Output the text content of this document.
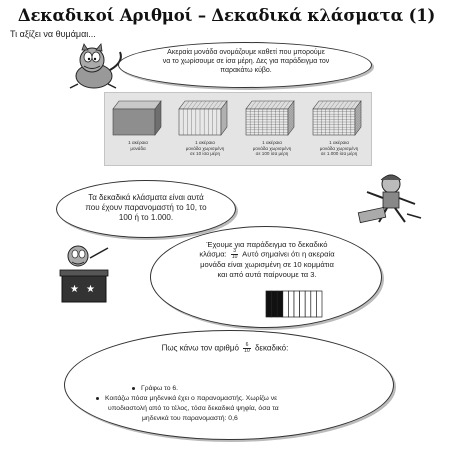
Δεκαδικοί Αριθμοί – Δεκαδικά κλάσματα (1)
Τι αξίζει να θυμάμαι...
Ακεραία μονάδα ονομάζουμε καθετί που μπορούμε
να το χωρίσουμε σε ίσα μέρη. Δες για παράδειγμα τον
παρακάτω κύβο.
1 ακέραια
μονάδα
1 ακέραια
μονάδα χωρισμένη
σε 10 ίσα μέρη
1 ακέραια
μονάδα χωρισμένη
σε 100 ίσα μέρη
1 ακέραια
μονάδα χωρισμένη
σε 1.000 ίσα μέρη
Τα δεκαδικά κλάσματα είναι αυτά
που έχουν παρανομαστή το 10, το
100 ή το 1.000.
Έχουμε για παράδειγμα το δεκαδικό
κλάσμα: $\frac{3}{10}$ Αυτό σημαίνει ότι η ακεραία
μονάδα είναι χωρισμένη σε 10 κομμάτια
και από αυτά παίρνουμε τα 3.
★ ★
Πως κάνω τον αριθμό $\frac{6}{10} \delta\varepsilon\kappa\alpha\delta\iota\kappa ό$:
Γράφω το 6.
Κοιτάζω πόσα μηδενικά έχει ο παρανομαστής. Χωρίζω νε
υποδιαστολή από το τέλος, τόσα δεκαδικά ψηφία, όσα τα
μηδενικά του παρανομαστή: 0,6
